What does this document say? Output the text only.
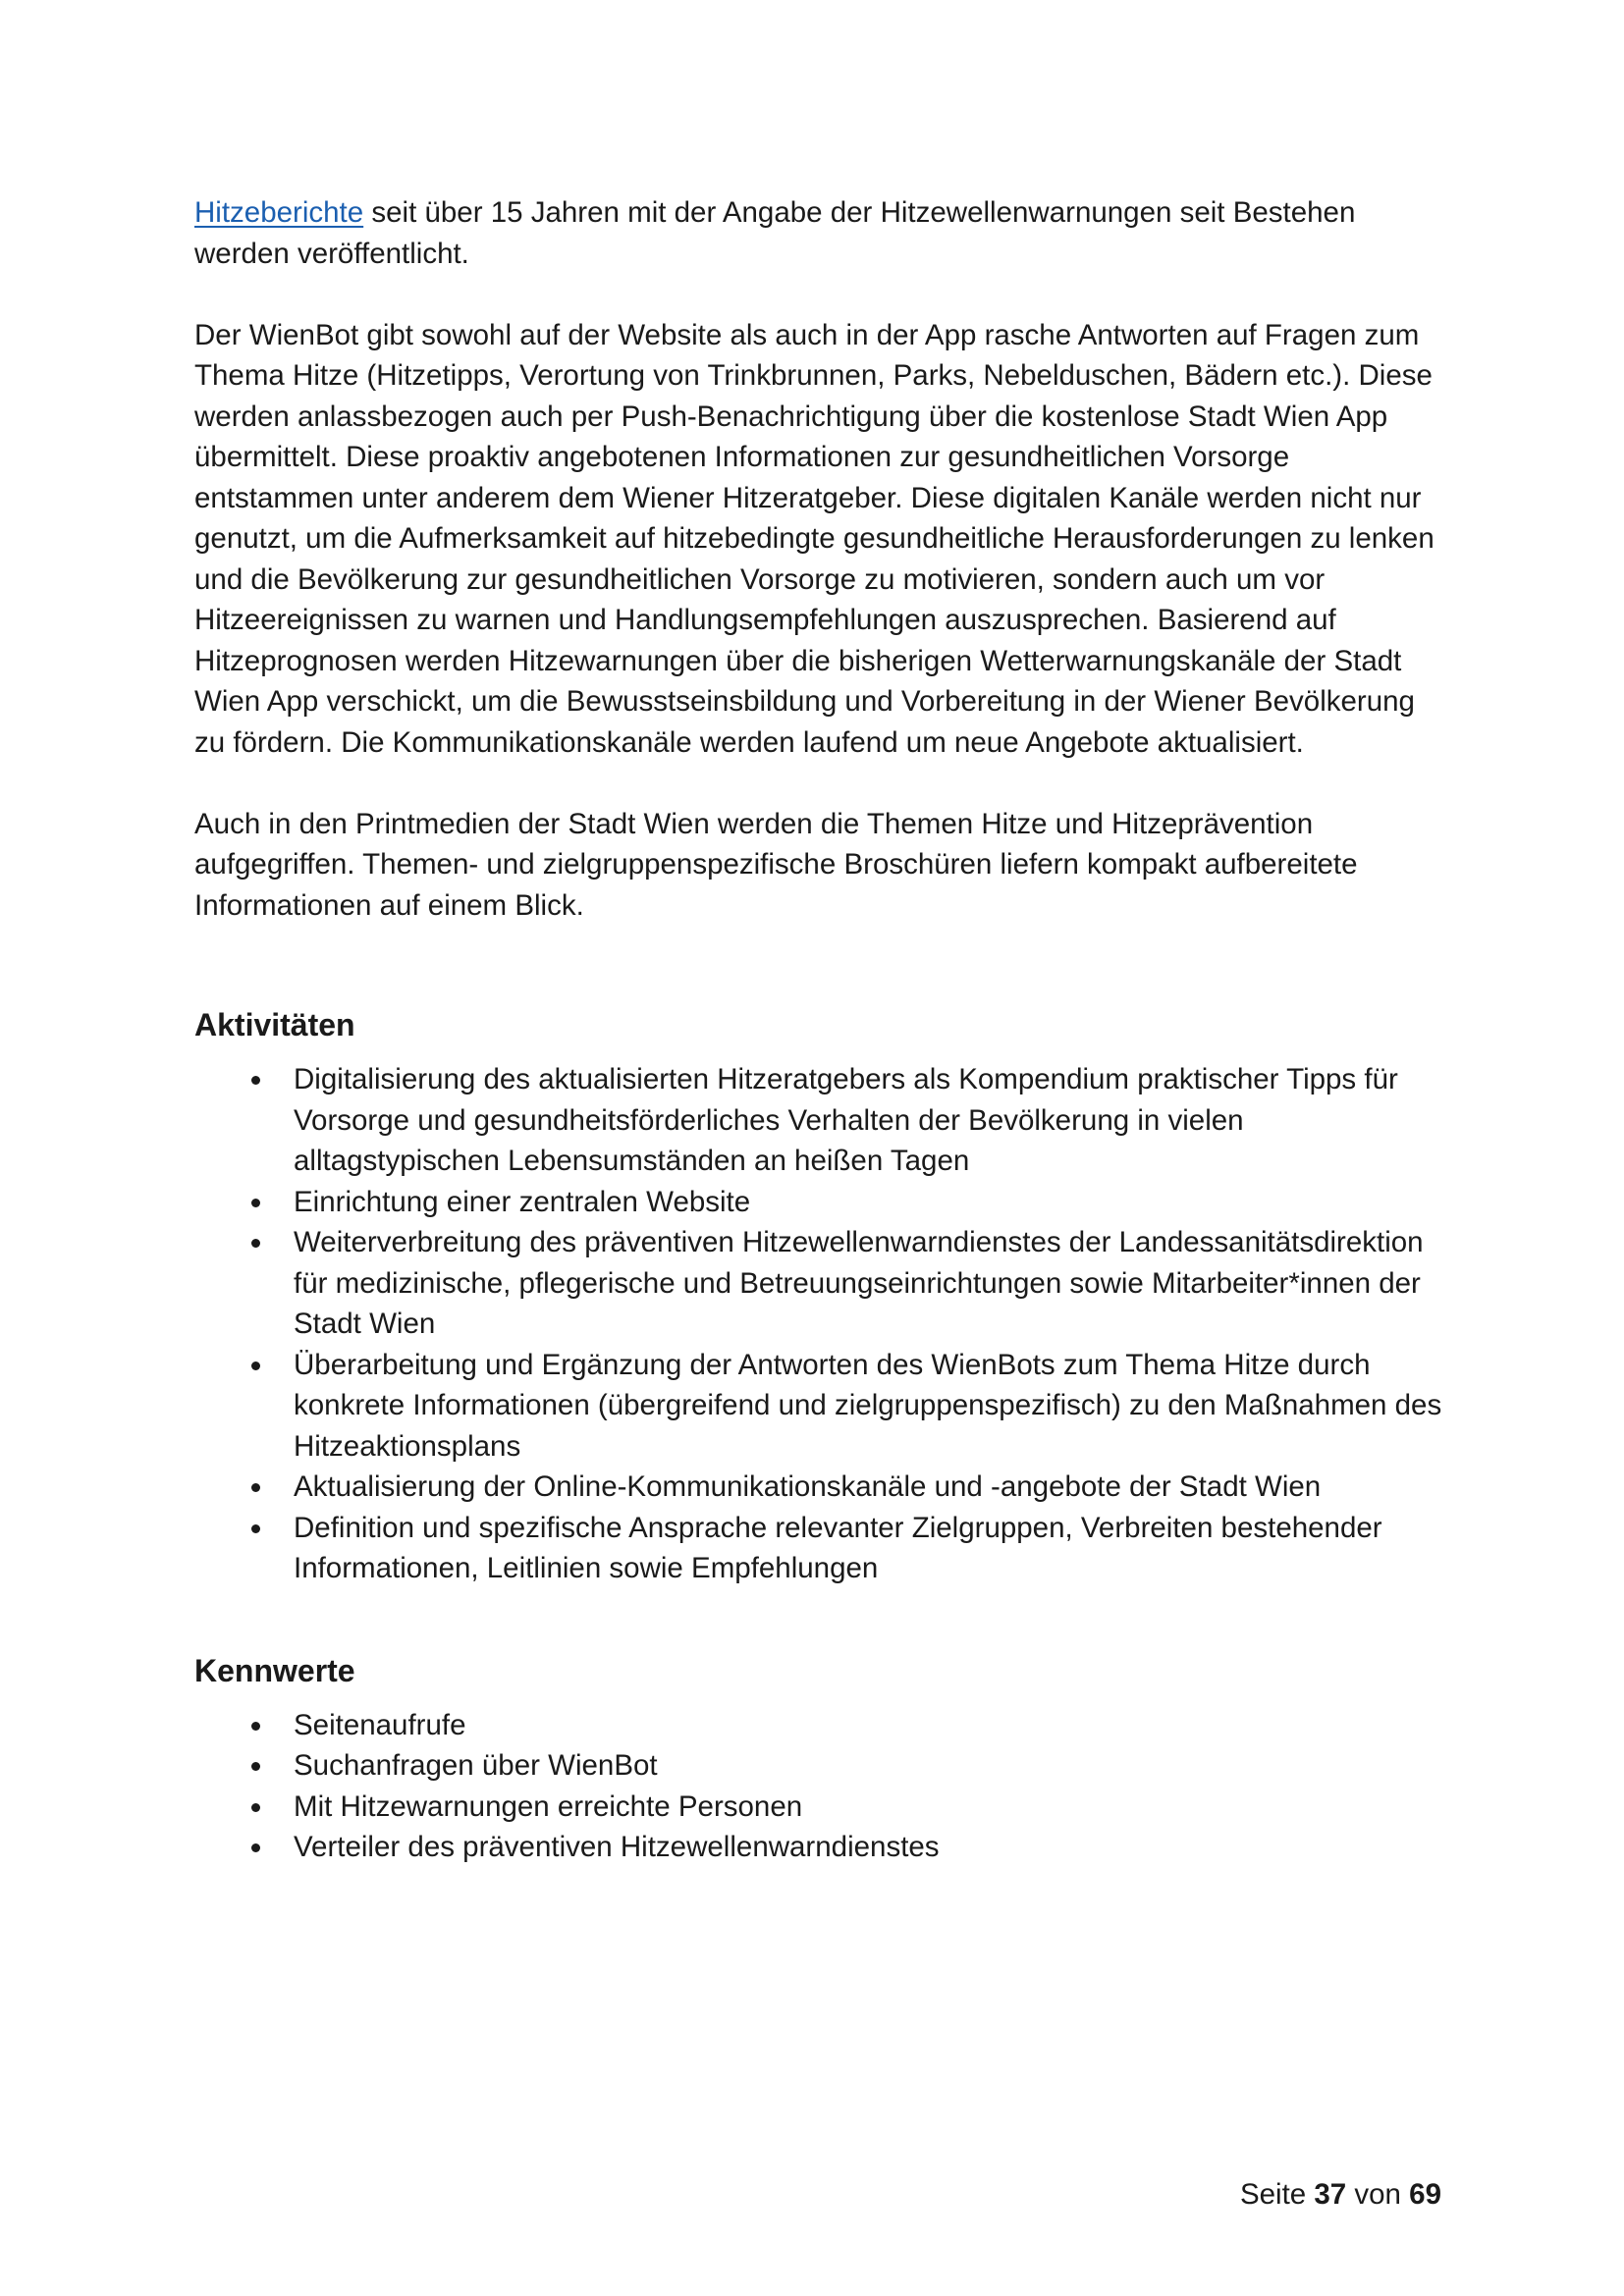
Hitzeberichte seit über 15 Jahren mit der Angabe der Hitzewellenwarnungen seit Bestehen werden veröffentlicht.

Der WienBot gibt sowohl auf der Website als auch in der App rasche Antworten auf Fragen zum Thema Hitze (Hitzetipps, Verortung von Trinkbrunnen, Parks, Nebelduschen, Bädern etc.). Diese werden anlassbezogen auch per Push-Benachrichtigung über die kostenlose Stadt Wien App übermittelt. Diese proaktiv angebotenen Informationen zur gesundheitlichen Vorsorge entstammen unter anderem dem Wiener Hitzeratgeber. Diese digitalen Kanäle werden nicht nur genutzt, um die Aufmerksamkeit auf hitzebedingte gesundheitliche Herausforderungen zu lenken und die Bevölkerung zur gesundheitlichen Vorsorge zu motivieren, sondern auch um vor Hitzeereignissen zu warnen und Handlungsempfehlungen auszusprechen. Basierend auf Hitzeprognosen werden Hitzewarnungen über die bisherigen Wetterwarnungskanäle der Stadt Wien App verschickt, um die Bewusstseinsbildung und Vorbereitung in der Wiener Bevölkerung zu fördern. Die Kommunikationskanäle werden laufend um neue Angebote aktualisiert.

Auch in den Printmedien der Stadt Wien werden die Themen Hitze und Hitzeprävention aufgegriffen. Themen- und zielgruppenspezifische Broschüren liefern kompakt aufbereitete Informationen auf einem Blick.

Aktivitäten
Digitalisierung des aktualisierten Hitzeratgebers als Kompendium praktischer Tipps für Vorsorge und gesundheitsförderliches Verhalten der Bevölkerung in vielen alltagstypischen Lebensumständen an heißen Tagen
Einrichtung einer zentralen Website
Weiterverbreitung des präventiven Hitzewellenwarndienstes der Landessanitätsdirektion für medizinische, pflegerische und Betreuungseinrichtungen sowie Mitarbeiter*innen der Stadt Wien
Überarbeitung und Ergänzung der Antworten des WienBots zum Thema Hitze durch konkrete Informationen (übergreifend und zielgruppenspezifisch) zu den Maßnahmen des Hitzeaktionsplans
Aktualisierung der Online-Kommunikationskanäle und -angebote der Stadt Wien
Definition und spezifische Ansprache relevanter Zielgruppen, Verbreiten bestehender Informationen, Leitlinien sowie Empfehlungen
Kennwerte
Seitenaufrufe
Suchanfragen über WienBot
Mit Hitzewarnungen erreichte Personen
Verteiler des präventiven Hitzewellenwarndienstes
Seite 37 von 69
